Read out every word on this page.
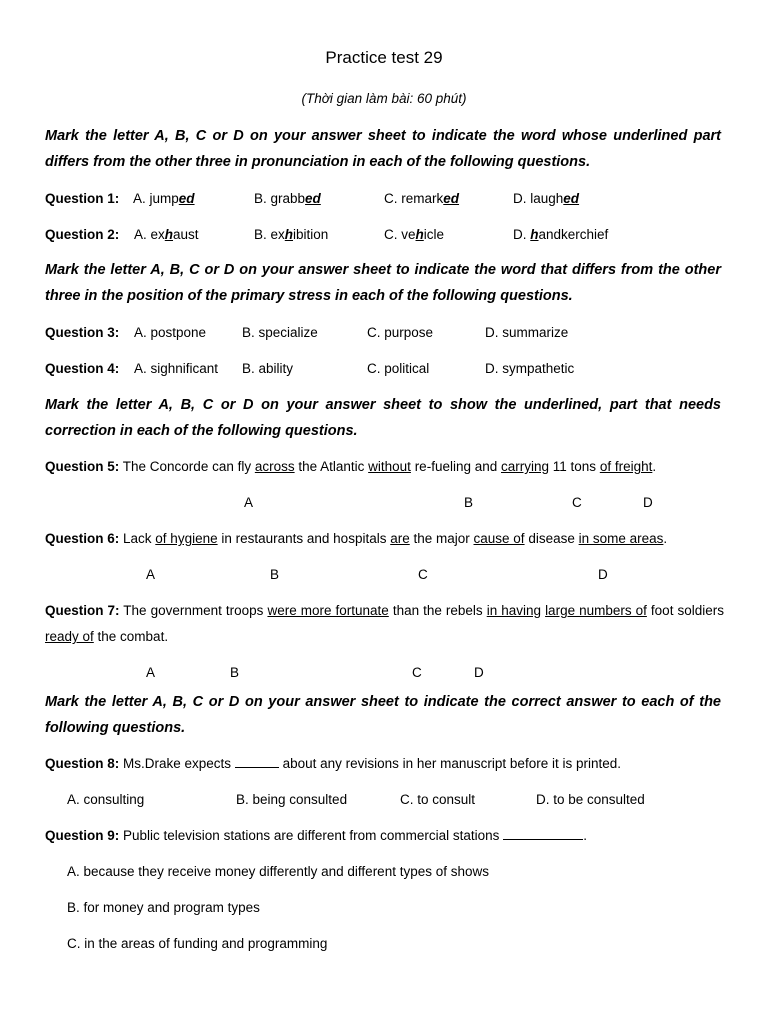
Practice test 29
(Thời gian làm bài: 60 phút)
Mark the letter A, B, C or D on your answer sheet to indicate the word whose underlined part differs from the other three in pronunciation in each of the following questions.
Question 1: A. jumped	B. grabbed	C. remarked	D. laughed
Question 2: A. exhaust	B. exhibition	C. vehicle	D. handkerchief
Mark the letter A, B, C or D on your answer sheet to indicate the word that differs from the other three in the position of the primary stress in each of the following questions.
Question 3: A. postpone	B. specialize	C. purpose	D. summarize
Question 4: A. sighnificant B. ability	C. political	D. sympathetic
Mark the letter A, B, C or D on your answer sheet to show the underlined, part that needs correction in each of the following questions.
Question 5: The Concorde can fly across the Atlantic without re-fueling and carrying 11 tons of freight.
A	B	C	D
Question 6: Lack of hygiene in restaurants and hospitals are the major cause of disease in some areas.
A	B	C	D
Question 7: The government troops were more fortunate than the rebels in having large numbers of foot soldiers ready of the combat.
A	B	C	D
Mark the letter A, B, C or D on your answer sheet to indicate the correct answer to each of the following questions.
Question 8: Ms.Drake expects	about any revisions in her manuscript before it is printed.
A. consulting	B. being consulted	C. to consult	D. to be consulted
Question 9: Public television stations are different from commercial stations	.
A. because they receive money differently and different types of shows
B. for money and program types
C. in the areas of funding and programming
